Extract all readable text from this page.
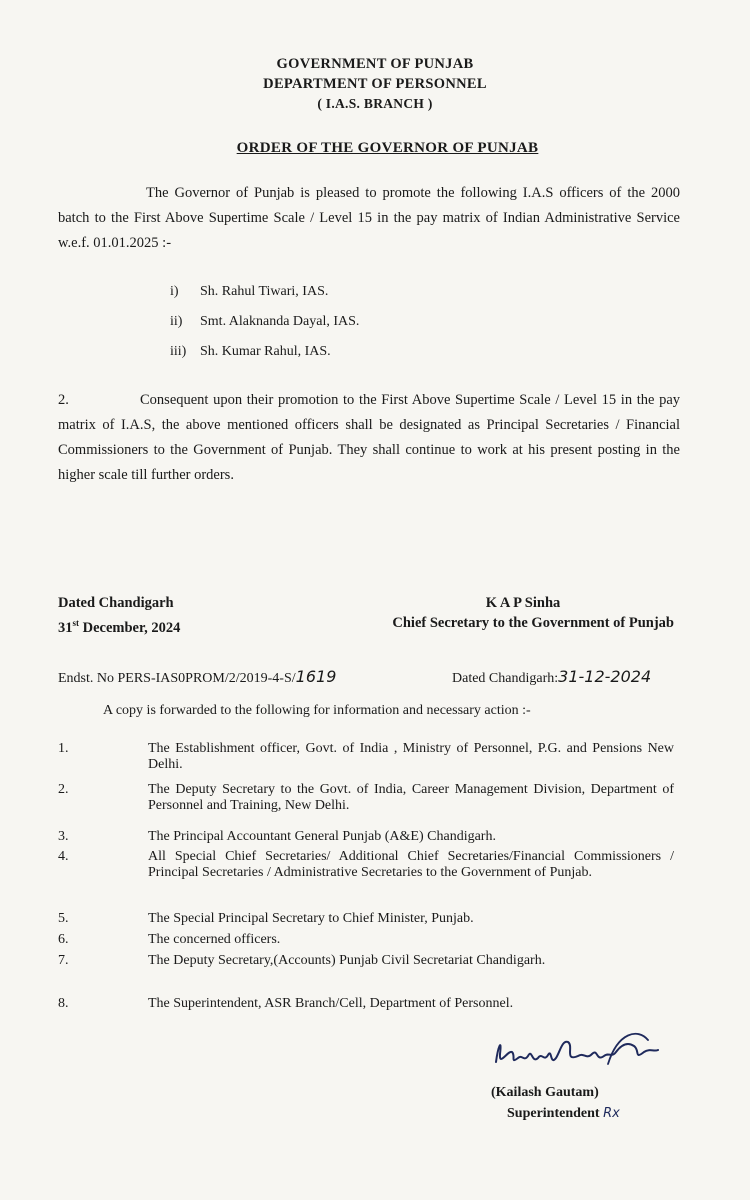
GOVERNMENT OF PUNJAB
DEPARTMENT OF PERSONNEL
( I.A.S. BRANCH )
ORDER OF THE GOVERNOR OF PUNJAB
The Governor of Punjab is pleased to promote the following I.A.S officers of the 2000 batch to the First Above Supertime Scale / Level 15 in the pay matrix of Indian Administrative Service w.e.f. 01.01.2025 :-
i) Sh. Rahul Tiwari, IAS.
ii) Smt. Alaknanda Dayal, IAS.
iii) Sh. Kumar Rahul, IAS.
2.	Consequent upon their promotion to the First Above Supertime Scale / Level 15 in the pay matrix of I.A.S, the above mentioned officers shall be designated as Principal Secretaries / Financial Commissioners to the Government of Punjab. They shall continue to work at his present posting in the higher scale till further orders.
Dated Chandigarh
31st December, 2024
K A P Sinha
Chief Secretary to the Government of Punjab
Endst. No PERS-IAS0PROM/2/2019-4-S/1619	Dated Chandigarh:31-12-2024
A copy is forwarded to the following for information and necessary action :-
1.	The Establishment officer, Govt. of India , Ministry of Personnel, P.G. and Pensions New Delhi.
2.	The Deputy Secretary to the Govt. of India, Career Management Division, Department of Personnel and Training, New Delhi.
3.	The Principal Accountant General Punjab (A&E) Chandigarh.
4.	All Special Chief Secretaries/ Additional Chief Secretaries/Financial Commissioners / Principal Secretaries / Administrative Secretaries to the Government of Punjab.
5.	The Special Principal Secretary to Chief Minister, Punjab.
6.	The concerned officers.
7.	The Deputy Secretary,(Accounts) Punjab Civil Secretariat Chandigarh.
8.	The Superintendent, ASR Branch/Cell, Department of Personnel.
(Kailash Gautam)
Superintendent Rx
